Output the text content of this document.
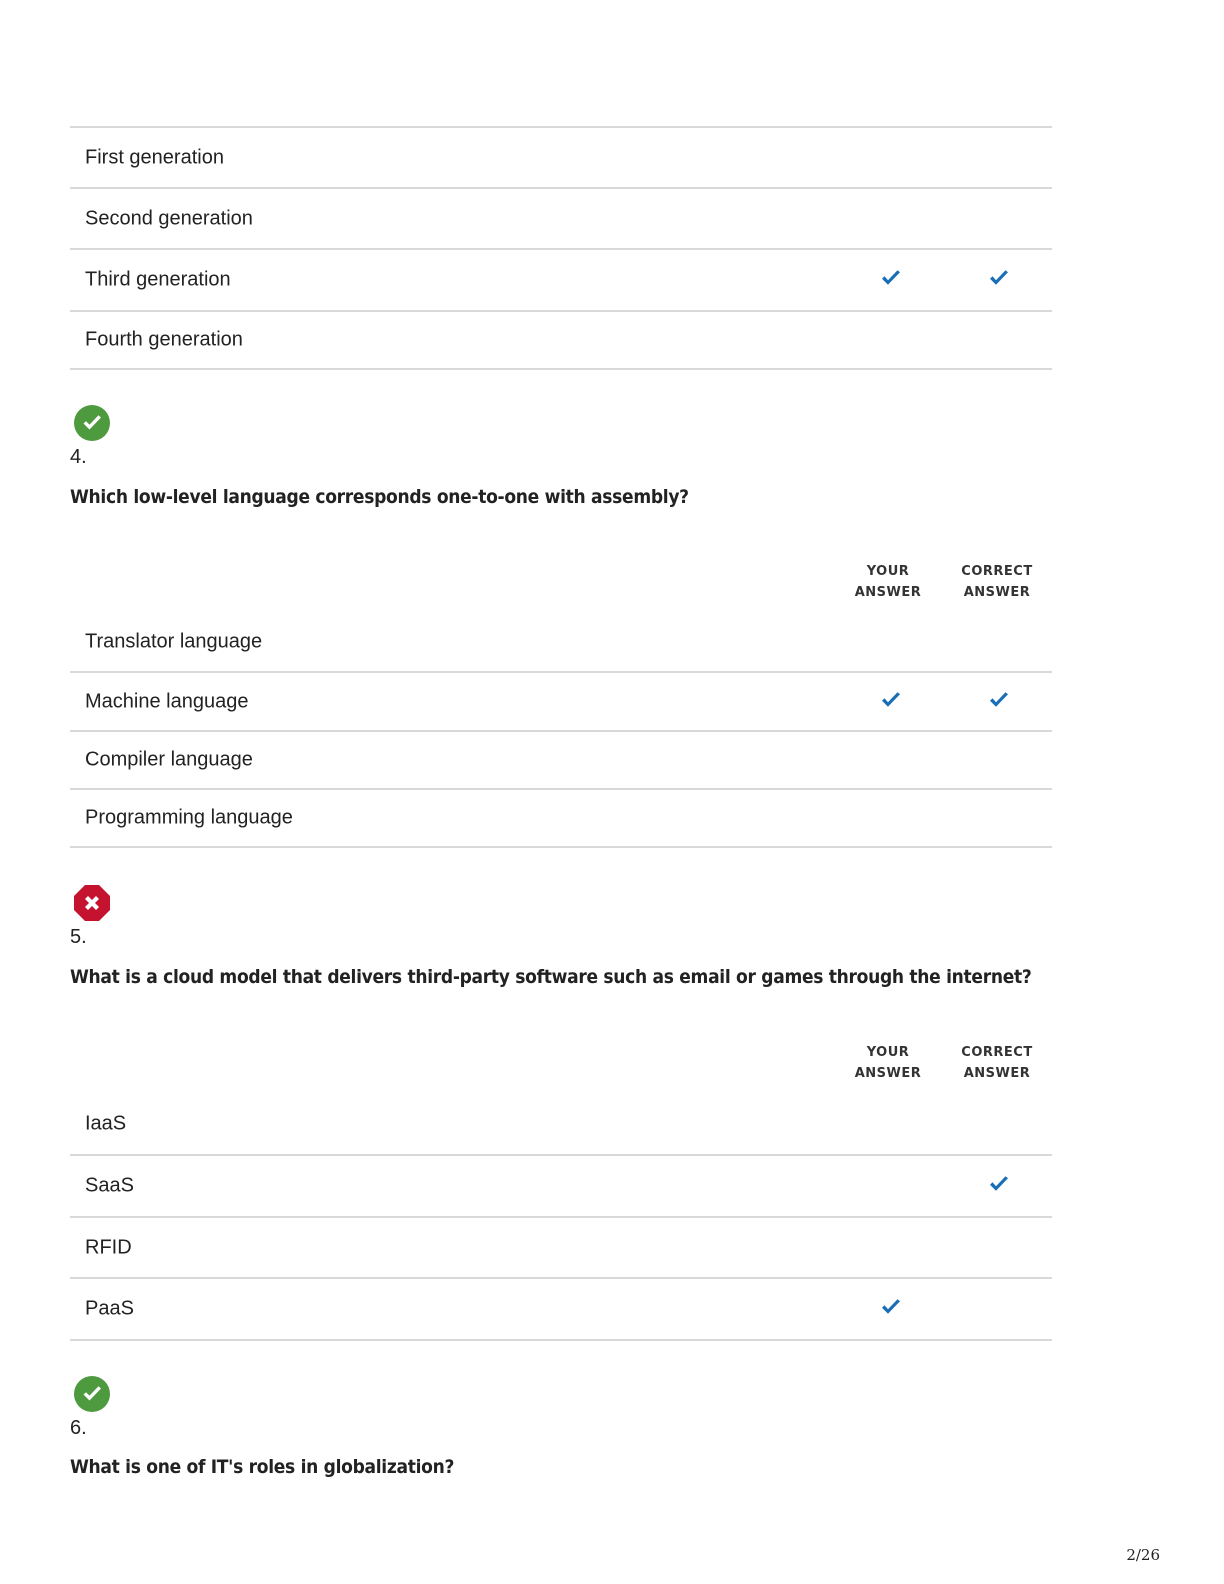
First generation
Second generation
Third generation
Fourth generation
4.
Which low-level language corresponds one-to-one with assembly?
YOUR
ANSWER
CORRECT
ANSWER
Translator language
Machine language
Compiler language
Programming language
5.
What is a cloud model that delivers third-party software such as email or games through the internet?
YOUR
ANSWER
CORRECT
ANSWER
IaaS
SaaS
RFID
PaaS
6.
What is one of IT's roles in globalization?
2/26
